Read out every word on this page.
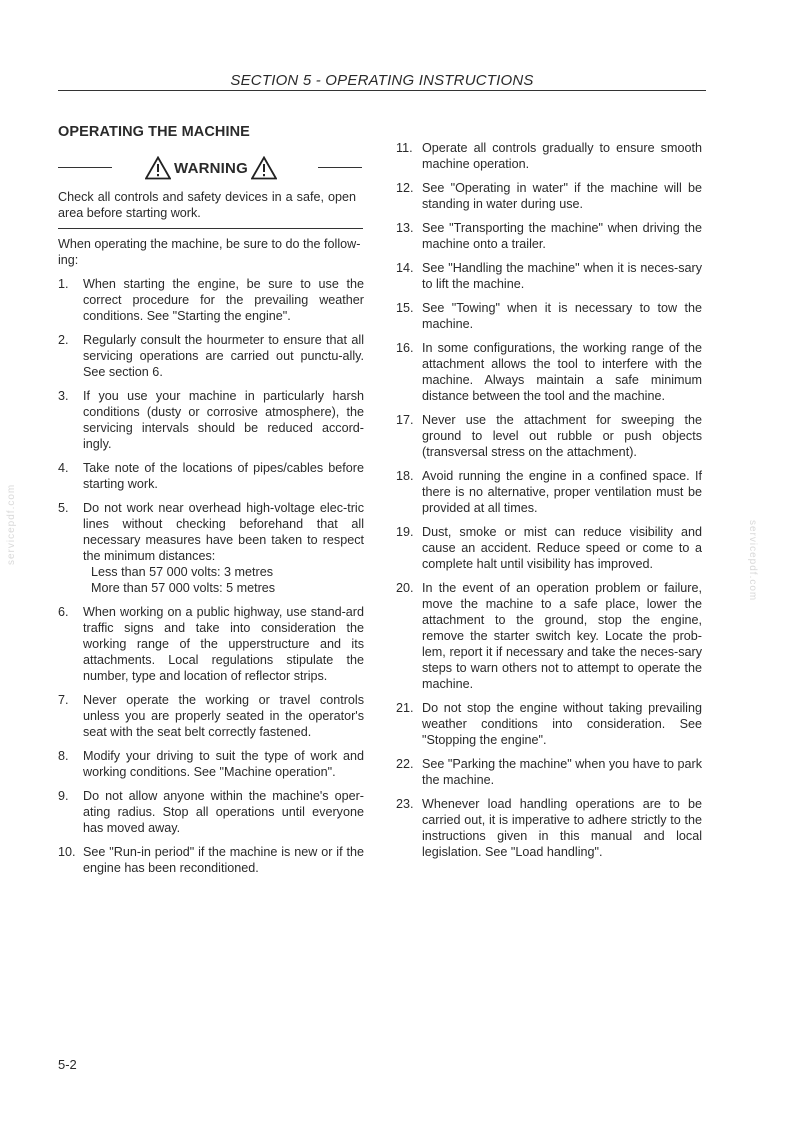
SECTION 5 - OPERATING INSTRUCTIONS
OPERATING THE MACHINE
WARNING
Check all controls and safety devices in a safe, open area before starting work.
When operating the machine, be sure to do the follow-ing:
1.	When starting the engine, be sure to use the correct procedure for the prevailing weather conditions. See "Starting the engine".
2.	Regularly consult the hourmeter to ensure that all servicing operations are carried out punctu-ally. See section 6.
3.	If you use your machine in particularly harsh conditions (dusty or corrosive atmosphere), the servicing intervals should be reduced accord-ingly.
4.	Take note of the locations of pipes/cables before starting work.
5.	Do not work near overhead high-voltage elec-tric lines without checking beforehand that all necessary measures have been taken to respect the minimum distances:
Less than 57 000 volts: 3 metres
More than 57 000 volts: 5 metres
6.	When working on a public highway, use stand-ard traffic signs and take into consideration the working range of the upperstructure and its attachments. Local regulations stipulate the number, type and location of reflector strips.
7.	Never operate the working or travel controls unless you are properly seated in the operator's seat with the seat belt correctly fastened.
8.	Modify your driving to suit the type of work and working conditions. See "Machine operation".
9.	Do not allow anyone within the machine's oper-ating radius. Stop all operations until everyone has moved away.
10. See "Run-in period" if the machine is new or if the engine has been reconditioned.
11. Operate all controls gradually to ensure smooth machine operation.
12. See "Operating in water" if the machine will be standing in water during use.
13. See "Transporting the machine" when driving the machine onto a trailer.
14. See "Handling the machine" when it is neces-sary to lift the machine.
15. See "Towing" when it is necessary to tow the machine.
16. In some configurations, the working range of the attachment allows the tool to interfere with the machine. Always maintain a safe minimum distance between the tool and the machine.
17. Never use the attachment for sweeping the ground to level out rubble or push objects (transversal stress on the attachment).
18. Avoid running the engine in a confined space. If there is no alternative, proper ventilation must be provided at all times.
19. Dust, smoke or mist can reduce visibility and cause an accident. Reduce speed or come to a complete halt until visibility has improved.
20. In the event of an operation problem or failure, move the machine to a safe place, lower the attachment to the ground, stop the engine, remove the starter switch key. Locate the prob-lem, report it if necessary and take the neces-sary steps to warn others not to attempt to operate the machine.
21. Do not stop the engine without taking prevailing weather conditions into consideration. See "Stopping the engine".
22. See "Parking the machine" when you have to park the machine.
23. Whenever load handling operations are to be carried out, it is imperative to adhere strictly to the instructions given in this manual and local legislation. See "Load handling".
servicepdf.com	servicepdf.com
5-2
